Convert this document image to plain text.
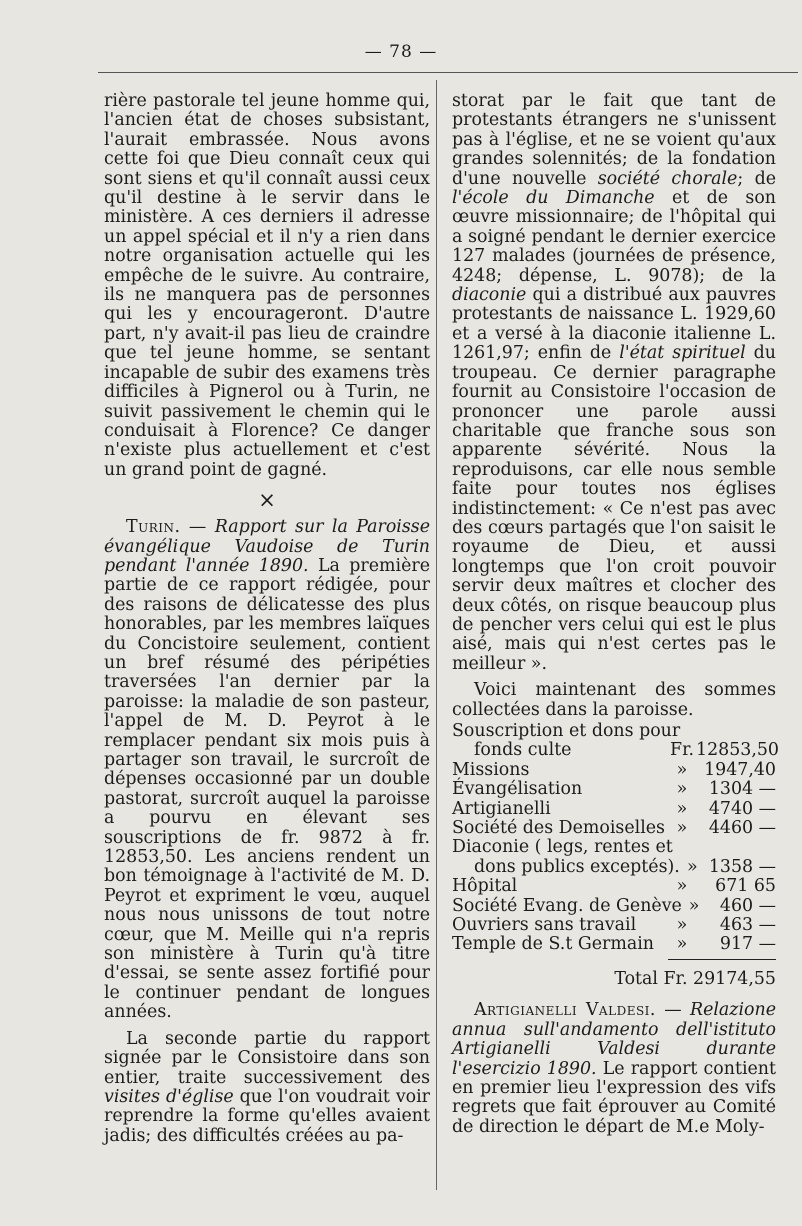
— 78 —

rière pastorale tel jeune homme qui, l'ancien état de choses subsistant, l'aurait embrassée. Nous avons cette foi que Dieu connaît ceux qui sont siens et qu'il connaît aussi ceux qu'il destine à le servir dans le ministère. A ces derniers il adresse un appel spécial et il n'y a rien dans notre organisation actuelle qui les empêche de le suivre. Au contraire, ils ne manquera pas de personnes qui les y encourageront. D'autre part, n'y avait-il pas lieu de craindre que tel jeune homme, se sentant incapable de subir des examens très difficiles à Pignerol ou à Turin, ne suivit passivement le chemin qui le conduisait à Florence? Ce danger n'existe plus actuellement et c'est un grand point de gagné.

×

Turin. — Rapport sur la Paroisse évangélique Vaudoise de Turin pendant l'année 1890. La première partie de ce rapport rédigée, pour des raisons de délicatesse des plus honorables, par les membres laïques du Concistoire seulement, contient un bref résumé des péripéties traversées l'an dernier par la paroisse: la maladie de son pasteur, l'appel de M. D. Peyrot à le remplacer pendant six mois puis à partager son travail, le surcroît de dépenses occasionné par un double pastorat, surcroît auquel la paroisse a pourvu en élevant ses souscriptions de fr. 9872 à fr. 12853,50. Les anciens rendent un bon témoignage à l'activité de M. D. Peyrot et expriment le vœu, auquel nous nous unissons de tout notre cœur, que M. Meille qui n'a repris son ministère à Turin qu'à titre d'essai, se sente assez fortifié pour le continuer pendant de longues années.

La seconde partie du rapport signée par le Consistoire dans son entier, traite successivement des visites d'église que l'on voudrait voir reprendre la forme qu'elles avaient jadis; des difficultés créées au pa-

storat par le fait que tant de protestants étrangers ne s'unissent pas à l'église, et ne se voient qu'aux grandes solennités; de la fondation d'une nouvelle société chorale; de l'école du Dimanche et de son œuvre missionnaire; de l'hôpital qui a soigné pendant le dernier exercice 127 malades (journées de présence, 4248; dépense, L. 9078); de la diaconie qui a distribué aux pauvres protestants de naissance L. 1929,60 et a versé à la diaconie italienne L. 1261,97; enfin de l'état spirituel du troupeau. Ce dernier paragraphe fournit au Consistoire l'occasion de prononcer une parole aussi charitable que franche sous son apparente sévérité. Nous la reproduisons, car elle nous semble faite pour toutes nos églises indistinctement: « Ce n'est pas avec des cœurs partagés que l'on saisit le royaume de Dieu, et aussi longtemps que l'on croit pouvoir servir deux maîtres et clocher des deux côtés, on risque beaucoup plus de pencher vers celui qui est le plus aisé, mais qui n'est certes pas le meilleur ».

Voici maintenant des sommes collectées dans la paroisse.

Souscription et dons pour
fonds culte	Fr. 12853,50
Missions	» 1947,40
Évangélisation	»	1304 —
Artigianelli	»	4740 —
Société des Demoiselles »	4460 —
Diaconie ( legs, rentes et
dons publics exceptés). » 1358 —
Hôpital	»	671 65
Société Evang. de Genève »	460 —
Ouvriers sans travail	»	463 —
Temple de S.t Germain	»	917 —
Total Fr. 29174,55

Artigianelli Valdesi. — Relazione annua sull'andamento dell'istituto Artigianelli Valdesi durante l'esercizio 1890. Le rapport contient en premier lieu l'expression des vifs regrets que fait éprouver au Comité de direction le départ de M.e Moly-
